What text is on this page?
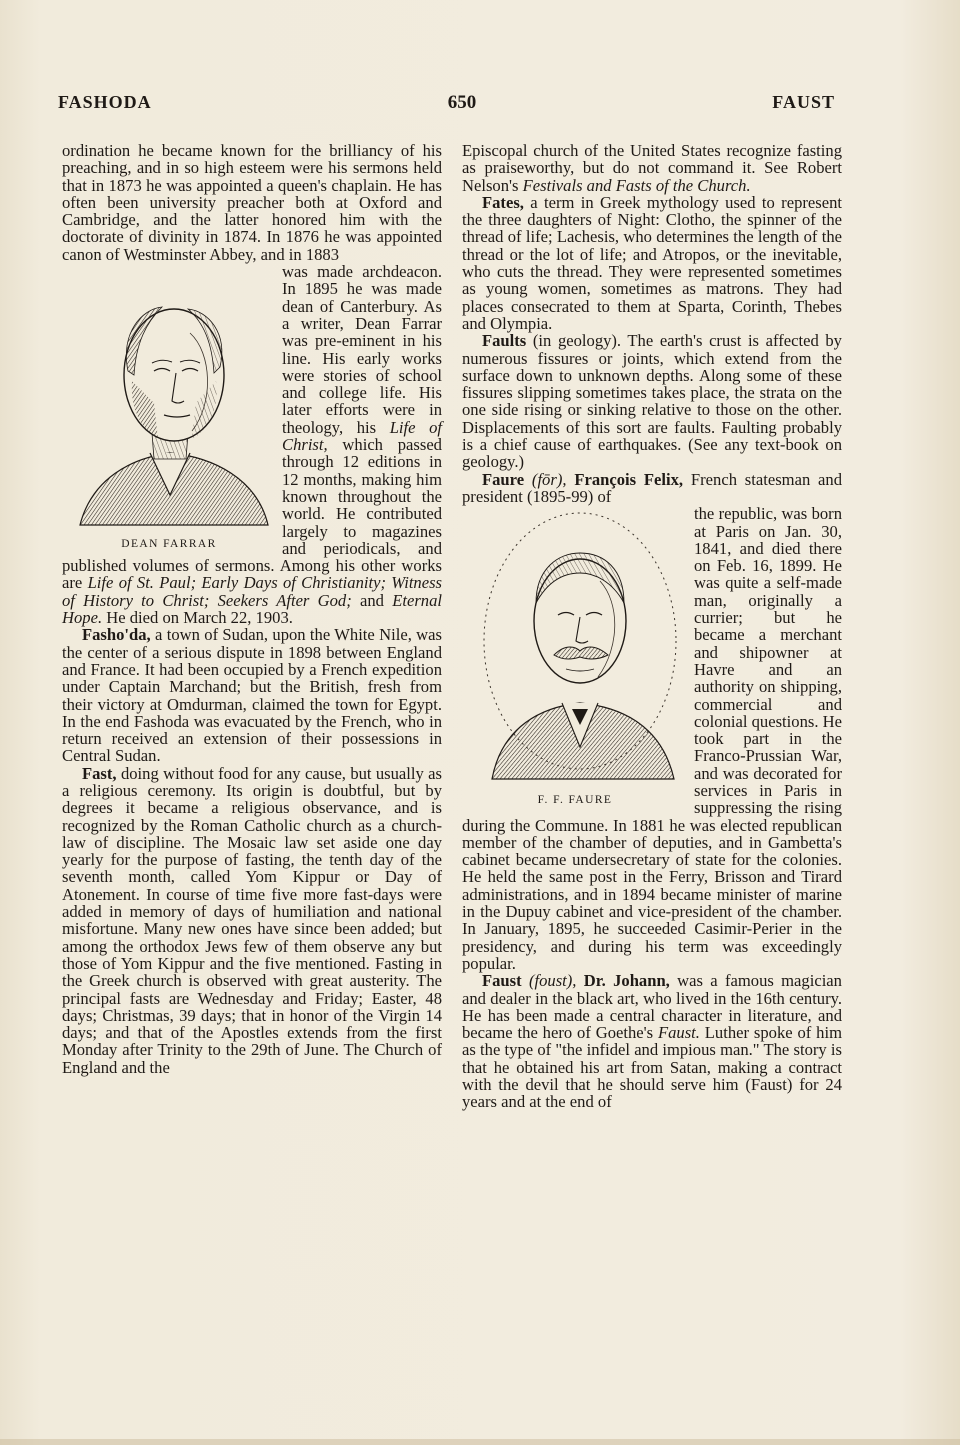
FASHODA	650	FAUST

ordination he became known for the brilliancy of his preaching, and in so high esteem were his sermons held that in 1873 he was appointed a queen's chaplain. He has often been university preacher both at Oxford and Cambridge, and the latter honored him with the doctorate of divinity in 1874. In 1876 he was appointed canon of Westminster Abbey, and in 1883

DEAN FARRAR

was made archdeacon. In 1895 he was made dean of Canterbury. As a writer, Dean Farrar was pre-eminent in his line. His early works were stories of school and college life. His later efforts were in theology, his Life of Christ, which passed through 12 editions in 12 months, making him known throughout the world. He contributed largely to magazines and periodicals, and published volumes of sermons. Among his other works are Life of St. Paul; Early Days of Christianity; Witness of History to Christ; Seekers After God; and Eternal Hope. He died on March 22, 1903.

Fasho'da, a town of Sudan, upon the White Nile, was the center of a serious dispute in 1898 between England and France. It had been occupied by a French expedition under Captain Marchand; but the British, fresh from their victory at Omdurman, claimed the town for Egypt. In the end Fashoda was evacuated by the French, who in return received an extension of their possessions in Central Sudan.

Fast, doing without food for any cause, but usually as a religious ceremony. Its origin is doubtful, but by degrees it became a religious observance, and is recognized by the Roman Catholic church as a church-law of discipline. The Mosaic law set aside one day yearly for the purpose of fasting, the tenth day of the seventh month, called Yom Kippur or Day of Atonement. In course of time five more fast-days were added in memory of days of humiliation and national misfortune. Many new ones have since been added; but among the orthodox Jews few of them observe any but those of Yom Kippur and the five mentioned. Fasting in the Greek church is observed with great austerity. The principal fasts are Wednesday and Friday; Easter, 48 days; Christmas, 39 days; that in honor of the Virgin 14 days; and that of the Apostles extends from the first Monday after Trinity to the 29th of June. The Church of England and the

Episcopal church of the United States recognize fasting as praiseworthy, but do not command it. See Robert Nelson's Festivals and Fasts of the Church.

Fates, a term in Greek mythology used to represent the three daughters of Night: Clotho, the spinner of the thread of life; Lachesis, who determines the length of the thread or the lot of life; and Atropos, or the inevitable, who cuts the thread. They were represented sometimes as young women, sometimes as matrons. They had places consecrated to them at Sparta, Corinth, Thebes and Olympia.

Faults (in geology). The earth's crust is affected by numerous fissures or joints, which extend from the surface down to unknown depths. Along some of these fissures slipping sometimes takes place, the strata on the one side rising or sinking relative to those on the other. Displacements of this sort are faults. Faulting probably is a chief cause of earthquakes. (See any text-book on geology.)

Faure (fōr), François Felix, French statesman and president (1895-99) of

F. F. FAURE

the republic, was born at Paris on Jan. 30, 1841, and died there on Feb. 16, 1899. He was quite a self-made man, originally a currier; but he became a merchant and shipowner at Havre and an authority on shipping, commercial and colonial questions. He took part in the Franco-Prussian War, and was decorated for services in Paris in suppressing the rising during the Commune. In 1881 he was elected republican member of the chamber of deputies, and in Gambetta's cabinet became undersecretary of state for the colonies. He held the same post in the Ferry, Brisson and Tirard administrations, and in 1894 became minister of marine in the Dupuy cabinet and vice-president of the chamber. In January, 1895, he succeeded Casimir-Perier in the presidency, and during his term was exceedingly popular.

Faust (foust), Dr. Johann, was a famous magician and dealer in the black art, who lived in the 16th century. He has been made a central character in literature, and became the hero of Goethe's Faust. Luther spoke of him as the type of "the infidel and impious man." The story is that he obtained his art from Satan, making a contract with the devil that he should serve him (Faust) for 24 years and at the end of
